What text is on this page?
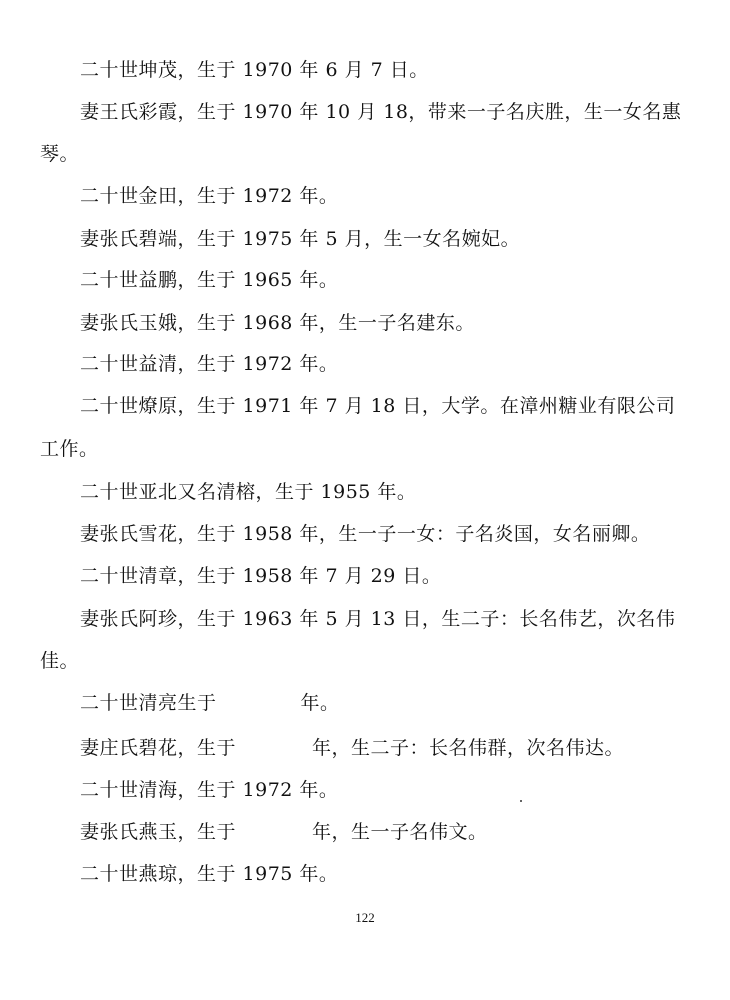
二十世坤茂，生于 1970 年 6 月 7 日。
妻王氏彩霞，生于 1970 年 10 月 18，带来一子名庆胜，生一女名惠
琴。
二十世金田，生于 1972 年。
妻张氏碧端，生于 1975 年 5 月，生一女名婉妃。
二十世益鹏，生于 1965 年。
妻张氏玉娥，生于 1968 年，生一子名建东。
二十世益清，生于 1972 年。
二十世燎原，生于 1971 年 7 月 18 日，大学。在漳州糖业有限公司
工作。
二十世亚北又名清榕，生于 1955 年。
妻张氏雪花，生于 1958 年，生一子一女：子名炎国，女名丽卿。
二十世清章，生于 1958 年 7 月 29 日。
妻张氏阿珍，生于 1963 年 5 月 13 日，生二子：长名伟艺，次名伟
佳。
二十世清亮生于	年。
妻庄氏碧花，生于	年，生二子：长名伟群，次名伟达。
二十世清海，生于 1972 年。
妻张氏燕玉，生于	年，生一子名伟文。
二十世燕琼，生于 1975 年。
122
